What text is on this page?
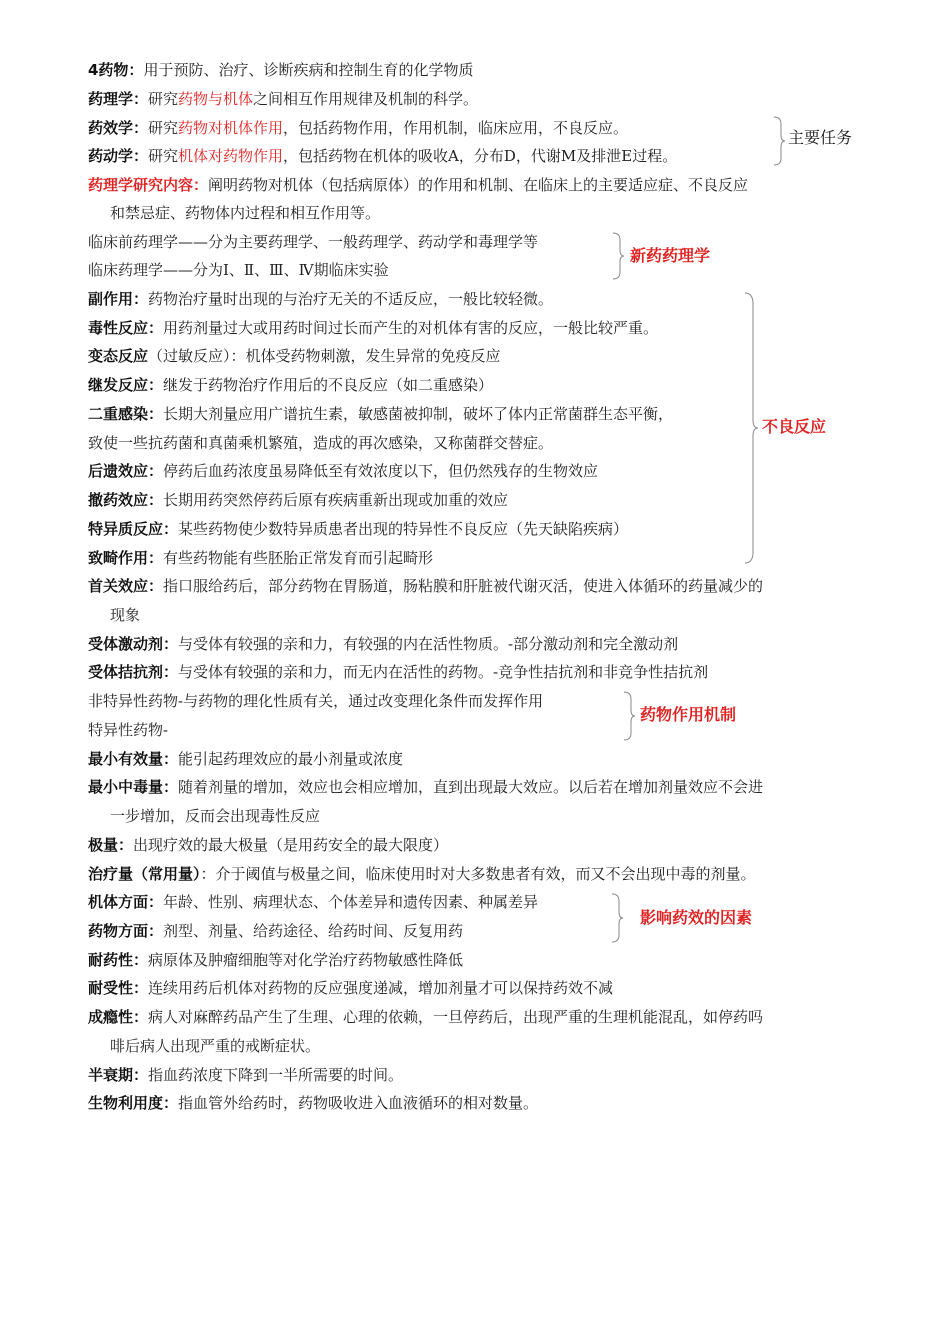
4药物：用于预防、治疗、诊断疾病和控制生育的化学物质
药理学：研究药物与机体之间相互作用规律及机制的科学。
药效学：研究药物对机体作用，包括药物作用，作用机制，临床应用，不良反应。
药动学：研究机体对药物作用，包括药物在机体的吸收A，分布D，代谢M及排泄E过程。
药理学研究内容：阐明药物对机体（包括病原体）的作用和机制、在临床上的主要适应症、不良反应
和禁忌症、药物体内过程和相互作用等。
临床前药理学——分为主要药理学、一般药理学、药动学和毒理学等
临床药理学——分为Ⅰ、Ⅱ、Ⅲ、Ⅳ期临床实验
副作用：药物治疗量时出现的与治疗无关的不适反应，一般比较轻微。
毒性反应：用药剂量过大或用药时间过长而产生的对机体有害的反应，一般比较严重。
变态反应（过敏反应）：机体受药物刺激，发生异常的免疫反应
继发反应：继发于药物治疗作用后的不良反应（如二重感染）
二重感染：长期大剂量应用广谱抗生素，敏感菌被抑制，破坏了体内正常菌群生态平衡，
致使一些抗药菌和真菌乘机繁殖，造成的再次感染，又称菌群交替症。
后遗效应：停药后血药浓度虽易降低至有效浓度以下，但仍然残存的生物效应
撤药效应：长期用药突然停药后原有疾病重新出现或加重的效应
特异质反应：某些药物使少数特异质患者出现的特异性不良反应（先天缺陷疾病）
致畸作用：有些药物能有些胚胎正常发育而引起畸形
首关效应：指口服给药后，部分药物在胃肠道，肠粘膜和肝脏被代谢灭活，使进入体循环的药量减少的
现象
受体激动剂：与受体有较强的亲和力，有较强的内在活性物质。-部分激动剂和完全激动剂
受体拮抗剂：与受体有较强的亲和力，而无内在活性的药物。-竞争性拮抗剂和非竞争性拮抗剂
非特异性药物-与药物的理化性质有关，通过改变理化条件而发挥作用
特异性药物-
最小有效量：能引起药理效应的最小剂量或浓度
最小中毒量：随着剂量的增加，效应也会相应增加，直到出现最大效应。以后若在增加剂量效应不会进
一步增加，反而会出现毒性反应
极量：出现疗效的最大极量（是用药安全的最大限度）
治疗量（常用量）：介于阈值与极量之间，临床使用时对大多数患者有效，而又不会出现中毒的剂量。
机体方面：年龄、性别、病理状态、个体差异和遗传因素、种属差异
药物方面：剂型、剂量、给药途径、给药时间、反复用药
耐药性：病原体及肿瘤细胞等对化学治疗药物敏感性降低
耐受性：连续用药后机体对药物的反应强度递减，增加剂量才可以保持药效不减
成瘾性：病人对麻醉药品产生了生理、心理的依赖，一旦停药后，出现严重的生理机能混乱，如停药吗
啡后病人出现严重的戒断症状。
半衰期：指血药浓度下降到一半所需要的时间。
生物利用度：指血管外给药时，药物吸收进入血液循环的相对数量。
主要任务
新药药理学
不良反应
药物作用机制
影响药效的因素
